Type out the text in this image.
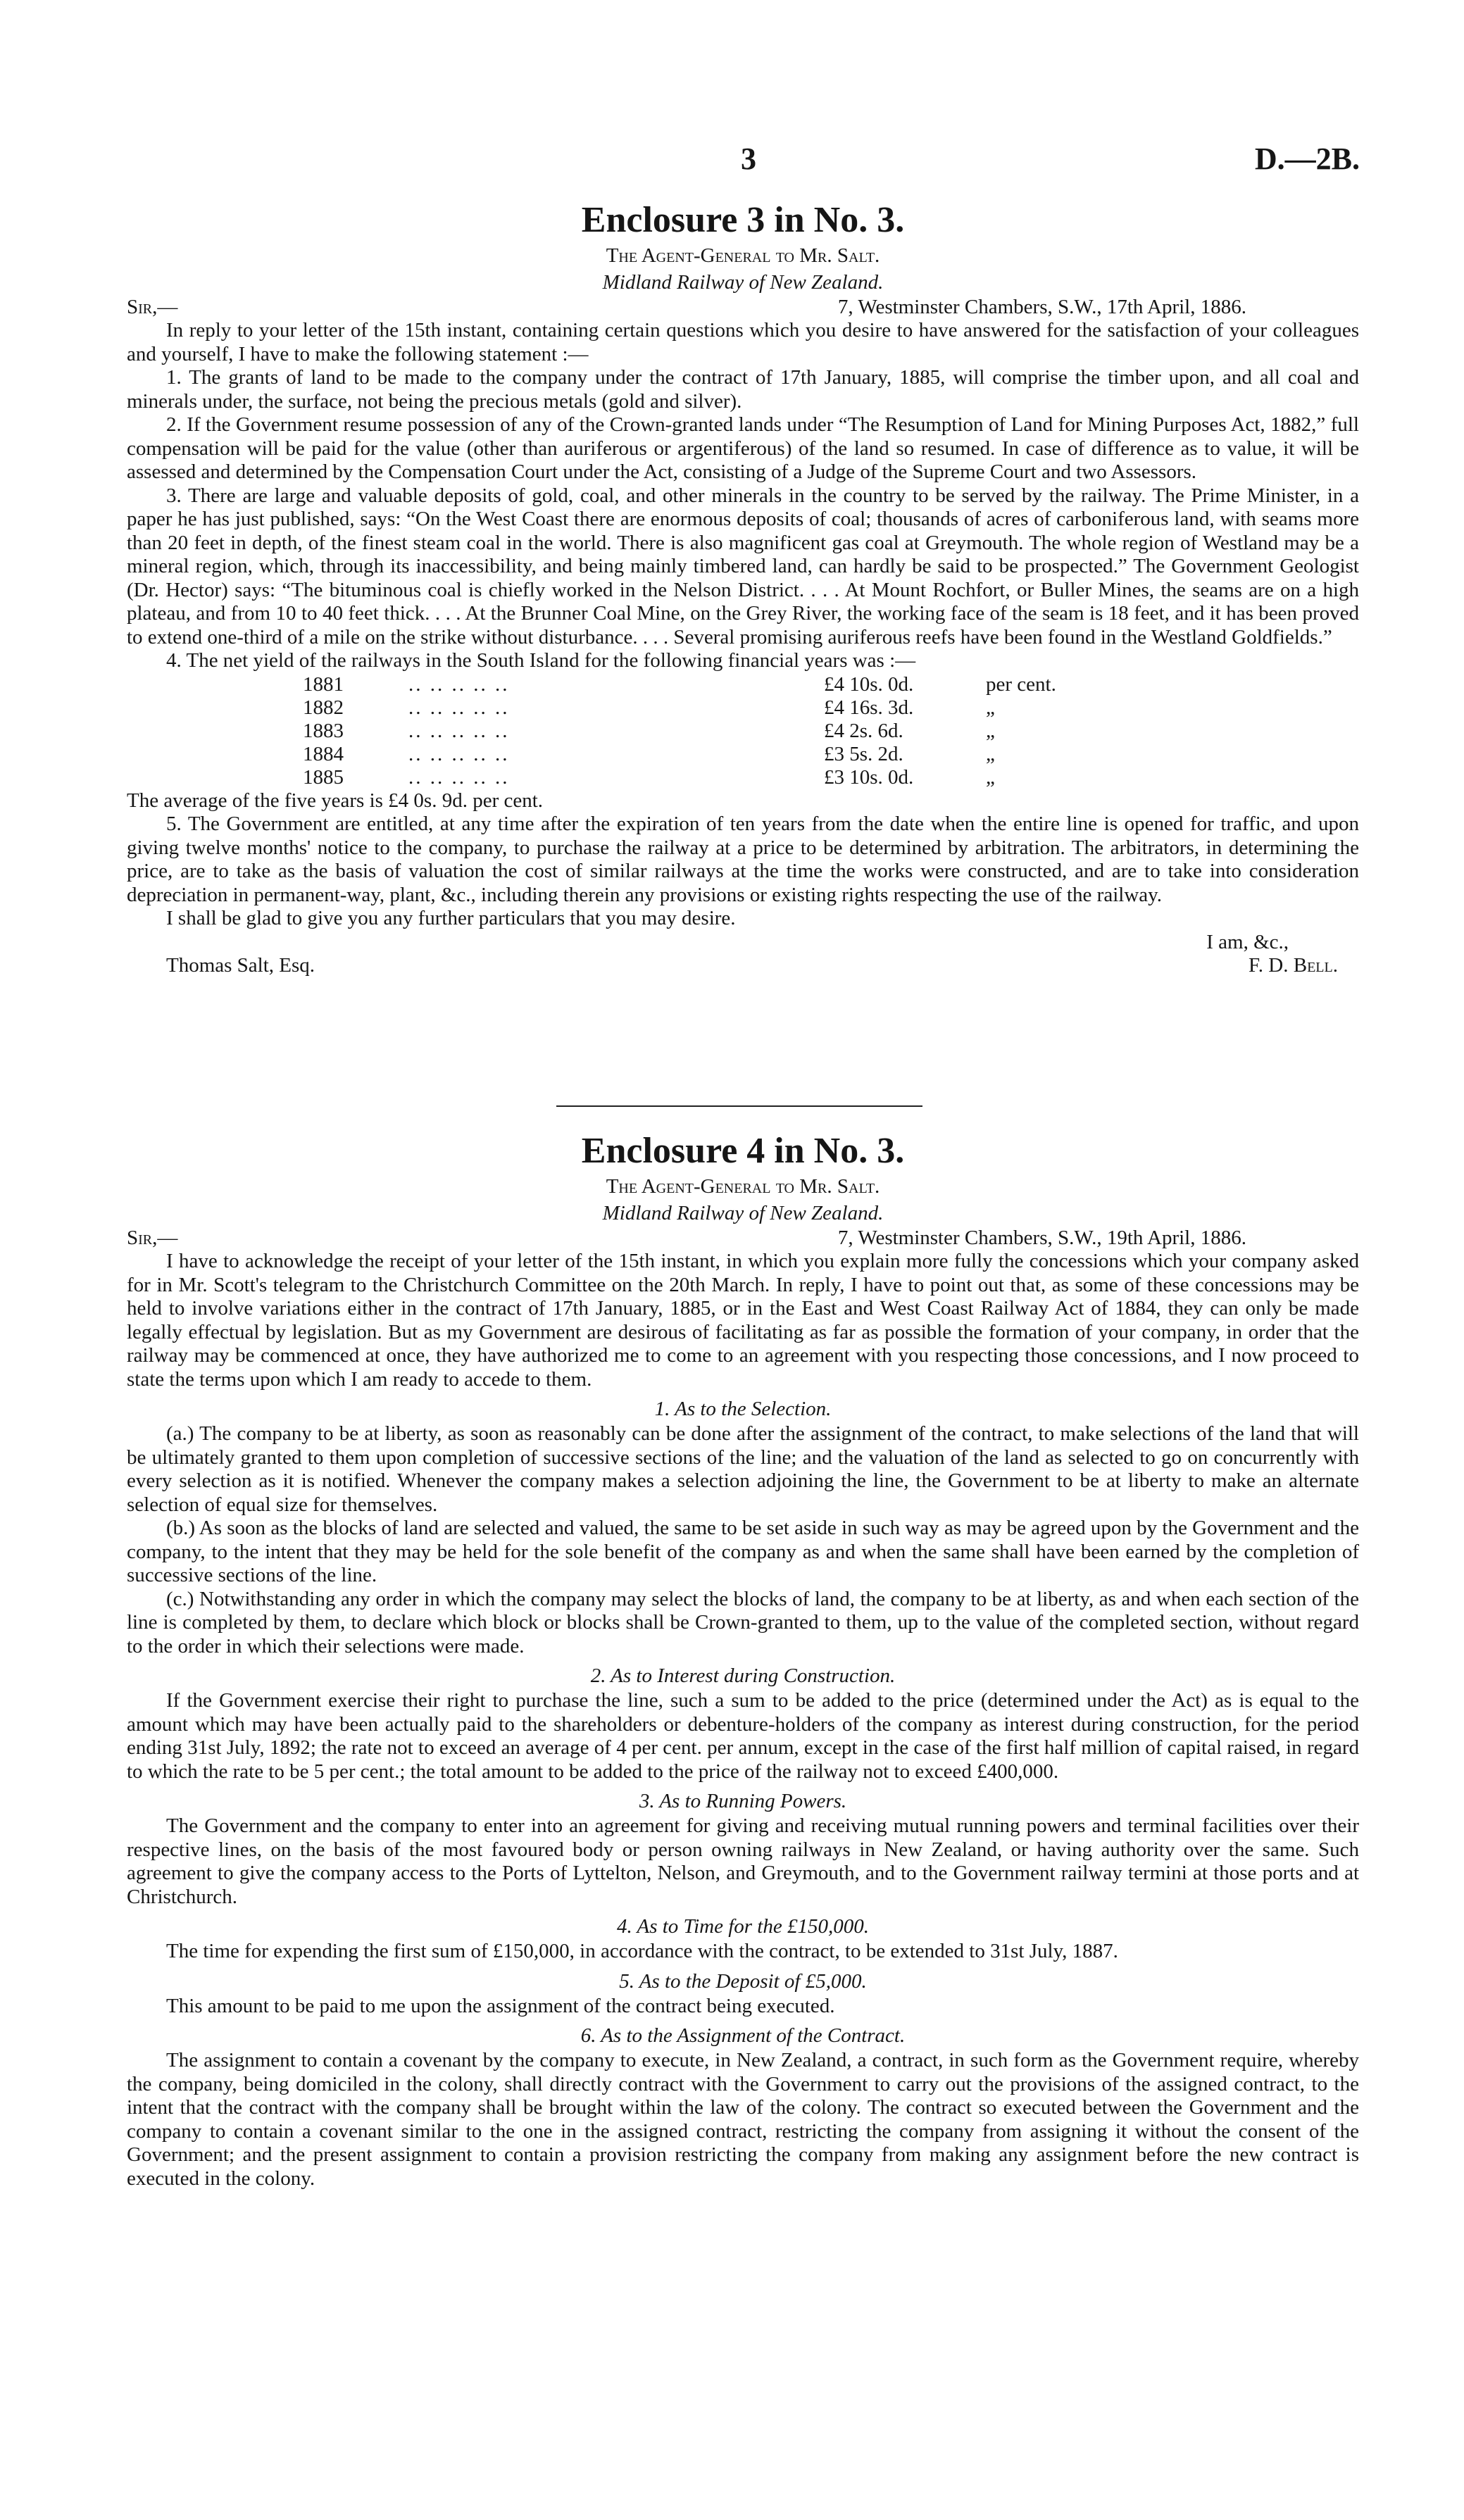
3	D.—2B.
Enclosure 3 in No. 3.

The Agent-General to Mr. Salt.

Midland Railway of New Zealand.

Sir,—	7, Westminster Chambers, S.W., 17th April, 1886.

In reply to your letter of the 15th instant, containing certain questions which you desire to have answered for the satisfaction of your colleagues and yourself, I have to make the following statement :—

1. The grants of land to be made to the company under the contract of 17th January, 1885, will comprise the timber upon, and all coal and minerals under, the surface, not being the precious metals (gold and silver).

2. If the Government resume possession of any of the Crown-granted lands under “The Resumption of Land for Mining Purposes Act, 1882,” full compensation will be paid for the value (other than auriferous or argentiferous) of the land so resumed. In case of difference as to value, it will be assessed and determined by the Compensation Court under the Act, consisting of a Judge of the Supreme Court and two Assessors.

3. There are large and valuable deposits of gold, coal, and other minerals in the country to be served by the railway. The Prime Minister, in a paper he has just published, says: “On the West Coast there are enormous deposits of coal; thousands of acres of carboniferous land, with seams more than 20 feet in depth, of the finest steam coal in the world. There is also magnificent gas coal at Greymouth. The whole region of Westland may be a mineral region, which, through its inaccessibility, and being mainly timbered land, can hardly be said to be prospected.” The Government Geologist (Dr. Hector) says: “The bituminous coal is chiefly worked in the Nelson District. . . . At Mount Rochfort, or Buller Mines, the seams are on a high plateau, and from 10 to 40 feet thick. . . . At the Brunner Coal Mine, on the Grey River, the working face of the seam is 18 feet, and it has been proved to extend one-third of a mile on the strike without disturbance. . . . Several promising auriferous reefs have been found in the Westland Goldfields.”

4. The net yield of the railways in the South Island for the following financial years was :—

1881	.. .. .. .. ..	£4 10s. 0d.	per cent.
1882	.. .. .. .. ..	£4 16s. 3d.	„
1883	.. .. .. .. ..	£4 2s. 6d.	„
1884	.. .. .. .. ..	£3 5s. 2d.	„
1885	.. .. .. .. ..	£3 10s. 0d.	„

The average of the five years is £4 0s. 9d. per cent.

5. The Government are entitled, at any time after the expiration of ten years from the date when the entire line is opened for traffic, and upon giving twelve months' notice to the company, to purchase the railway at a price to be determined by arbitration. The arbitrators, in determining the price, are to take as the basis of valuation the cost of similar railways at the time the works were constructed, and are to take into consideration depreciation in permanent-way, plant, &c., including therein any provisions or existing rights respecting the use of the railway.

I shall be glad to give you any further particulars that you may desire.

I am, &c.,
Thomas Salt, Esq.	F. D. Bell.
Enclosure 4 in No. 3.

The Agent-General to Mr. Salt.

Midland Railway of New Zealand.

Sir,—	7, Westminster Chambers, S.W., 19th April, 1886.

I have to acknowledge the receipt of your letter of the 15th instant, in which you explain more fully the concessions which your company asked for in Mr. Scott's telegram to the Christchurch Committee on the 20th March. In reply, I have to point out that, as some of these concessions may be held to involve variations either in the contract of 17th January, 1885, or in the East and West Coast Railway Act of 1884, they can only be made legally effectual by legislation. But as my Government are desirous of facilitating as far as possible the formation of your company, in order that the railway may be commenced at once, they have authorized me to come to an agreement with you respecting those concessions, and I now proceed to state the terms upon which I am ready to accede to them.

1. As to the Selection.

(a.) The company to be at liberty, as soon as reasonably can be done after the assignment of the contract, to make selections of the land that will be ultimately granted to them upon completion of successive sections of the line; and the valuation of the land as selected to go on concurrently with every selection as it is notified. Whenever the company makes a selection adjoining the line, the Government to be at liberty to make an alternate selection of equal size for themselves.

(b.) As soon as the blocks of land are selected and valued, the same to be set aside in such way as may be agreed upon by the Government and the company, to the intent that they may be held for the sole benefit of the company as and when the same shall have been earned by the completion of successive sections of the line.

(c.) Notwithstanding any order in which the company may select the blocks of land, the company to be at liberty, as and when each section of the line is completed by them, to declare which block or blocks shall be Crown-granted to them, up to the value of the completed section, without regard to the order in which their selections were made.

2. As to Interest during Construction.

If the Government exercise their right to purchase the line, such a sum to be added to the price (determined under the Act) as is equal to the amount which may have been actually paid to the shareholders or debenture-holders of the company as interest during construction, for the period ending 31st July, 1892; the rate not to exceed an average of 4 per cent. per annum, except in the case of the first half million of capital raised, in regard to which the rate to be 5 per cent.; the total amount to be added to the price of the railway not to exceed £400,000.

3. As to Running Powers.

The Government and the company to enter into an agreement for giving and receiving mutual running powers and terminal facilities over their respective lines, on the basis of the most favoured body or person owning railways in New Zealand, or having authority over the same. Such agreement to give the company access to the Ports of Lyttelton, Nelson, and Greymouth, and to the Government railway termini at those ports and at Christchurch.

4. As to Time for the £150,000.

The time for expending the first sum of £150,000, in accordance with the contract, to be extended to 31st July, 1887.

5. As to the Deposit of £5,000.

This amount to be paid to me upon the assignment of the contract being executed.

6. As to the Assignment of the Contract.

The assignment to contain a covenant by the company to execute, in New Zealand, a contract, in such form as the Government require, whereby the company, being domiciled in the colony, shall directly contract with the Government to carry out the provisions of the assigned contract, to the intent that the contract with the company shall be brought within the law of the colony. The contract so executed between the Government and the company to contain a covenant similar to the one in the assigned contract, restricting the company from assigning it without the consent of the Government; and the present assignment to contain a provision restricting the company from making any assignment before the new contract is executed in the colony.
